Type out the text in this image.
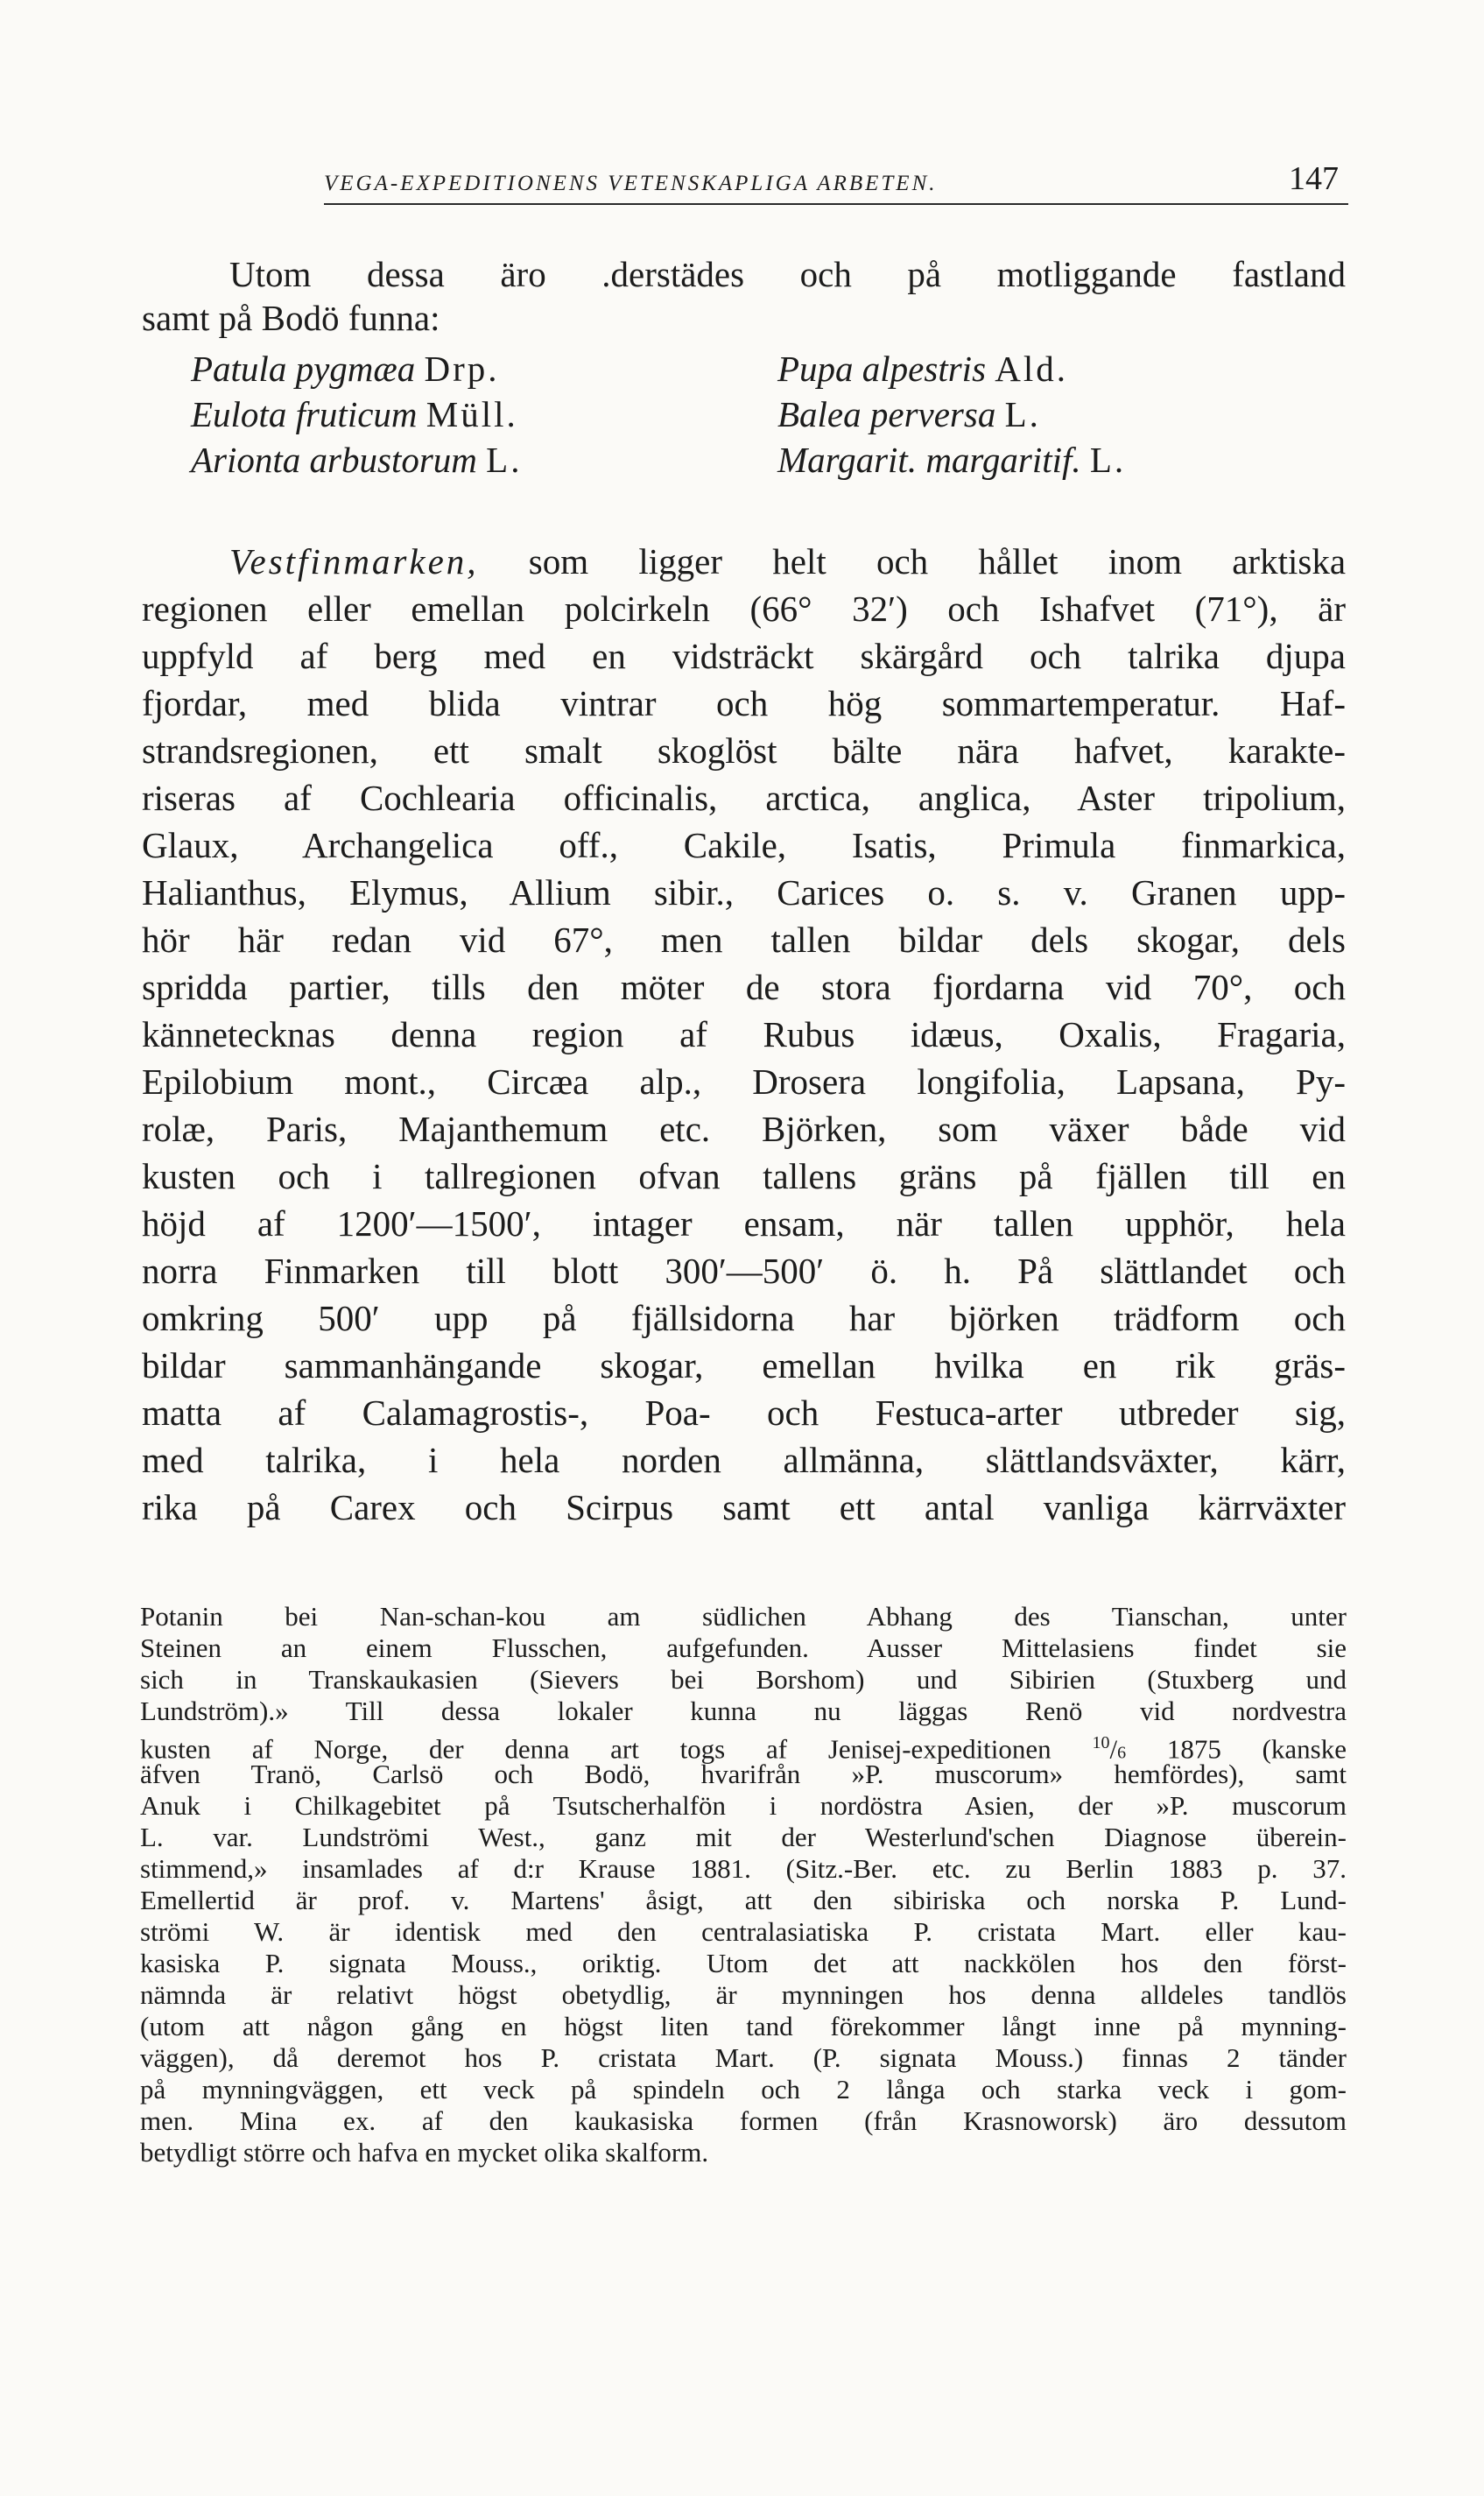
VEGA-EXPEDITIONENS VETENSKAPLIGA ARBETEN.	147
Utom dessa äro .derstädes och på motliggande fastland
samt på Bodö funna:
Patula pygmæa Drp.
Eulota fruticum Müll.
Arionta arbustorum L.
Pupa alpestris Ald.
Balea perversa L.
Margarit. margaritif. L.
Vestfinmarken, som ligger helt och hållet inom arktiska
regionen eller emellan polcirkeln (66° 32′) och Ishafvet (71°), är
uppfyld af berg med en vidsträckt skärgård och talrika djupa
fjordar, med blida vintrar och hög sommartemperatur. Haf-
strandsregionen, ett smalt skoglöst bälte nära hafvet, karakte-
riseras af Cochlearia officinalis, arctica, anglica, Aster tripolium,
Glaux, Archangelica off., Cakile, Isatis, Primula finmarkica,
Halianthus, Elymus, Allium sibir., Carices o. s. v. Granen upp-
hör här redan vid 67°, men tallen bildar dels skogar, dels
spridda partier, tills den möter de stora fjordarna vid 70°, och
kännetecknas denna region af Rubus idæus, Oxalis, Fragaria,
Epilobium mont., Circæa alp., Drosera longifolia, Lapsana, Py-
rolæ, Paris, Majanthemum etc. Björken, som växer både vid
kusten och i tallregionen ofvan tallens gräns på fjällen till en
höjd af 1200′—1500′, intager ensam, när tallen upphör, hela
norra Finmarken till blott 300′—500′ ö. h. På slättlandet och
omkring 500′ upp på fjällsidorna har björken trädform och
bildar sammanhängande skogar, emellan hvilka en rik gräs-
matta af Calamagrostis-, Poa- och Festuca-arter utbreder sig,
med talrika, i hela norden allmänna, slättlandsväxter, kärr,
rika på Carex och Scirpus samt ett antal vanliga kärrväxter
Potanin bei Nan-schan-kou am südlichen Abhang des Tianschan, unter
Steinen an einem Flusschen, aufgefunden. Ausser Mittelasiens findet sie
sich in Transkaukasien (Sievers bei Borshom) und Sibirien (Stuxberg und
Lundström).» Till dessa lokaler kunna nu läggas Renö vid nordvestra
kusten af Norge, der denna art togs af Jenisej-expeditionen $^{10}$/6 1875 (kanske
äfven Tranö, Carlsö och Bodö, hvarifrån »P. muscorum» hemfördes), samt
Anuk i Chilkagebitet på Tsutscherhalfön i nordöstra Asien, der »P. muscorum
L. var. Lundströmi West., ganz mit der Westerlund'schen Diagnose überein-
stimmend,» insamlades af d:r Krause 1881. (Sitz.-Ber. etc. zu Berlin 1883 p. 37.
Emellertid är prof. v. Martens' åsigt, att den sibiriska och norska P. Lund-
strömi W. är identisk med den centralasiatiska P. cristata Mart. eller kau-
kasiska P. signata Mouss., oriktig. Utom det att nackkölen hos den först-
nämnda är relativt högst obetydlig, är mynningen hos denna alldeles tandlös
(utom att någon gång en högst liten tand förekommer långt inne på mynning-
väggen), då deremot hos P. cristata Mart. (P. signata Mouss.) finnas 2 tänder
på mynningväggen, ett veck på spindeln och 2 långa och starka veck i gom-
men. Mina ex. af den kaukasiska formen (från Krasnoworsk) äro dessutom
betydligt större och hafva en mycket olika skalform.
